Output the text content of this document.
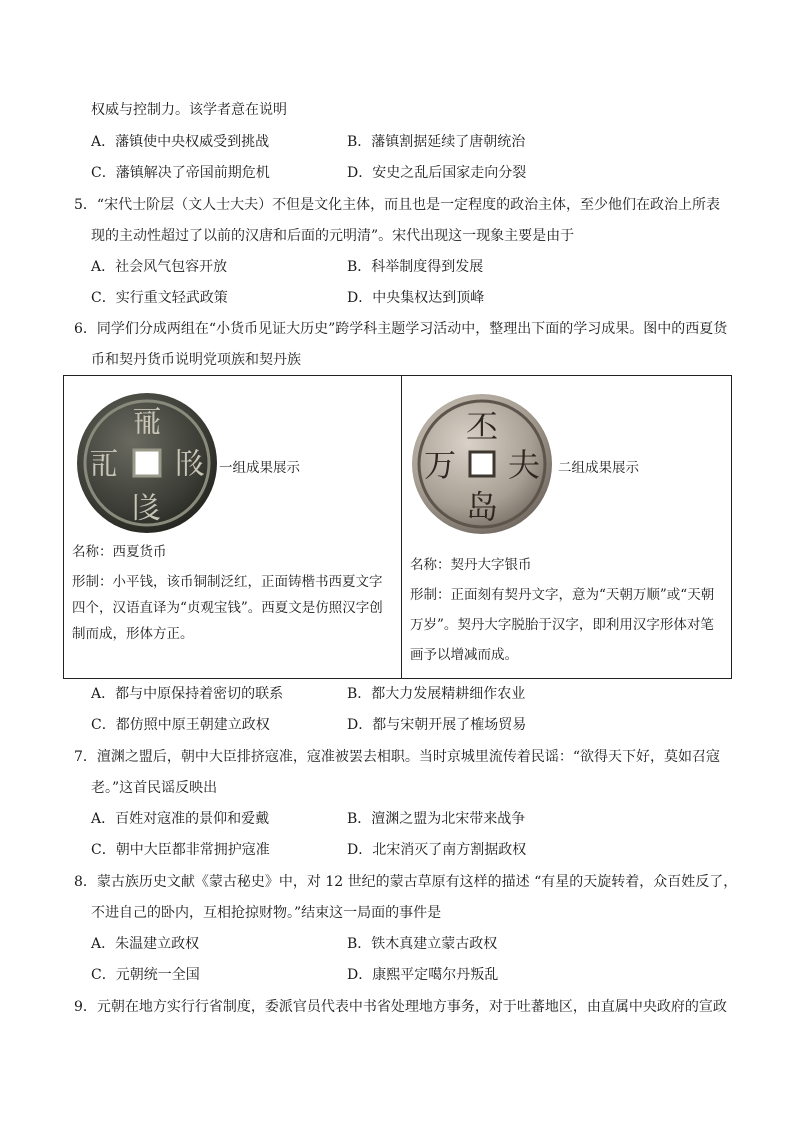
权威与控制力。该学者意在说明
A．藩镇使中央权威受到挑战	B．藩镇割据延续了唐朝统治
C．藩镇解决了帝国前期危机	D．安史之乱后国家走向分裂
5．“宋代士阶层（文人士大夫）不但是文化主体，而且也是一定程度的政治主体，至少他们在政治上所表
现的主动性超过了以前的汉唐和后面的元明清”。宋代出现这一现象主要是由于
A．社会风气包容开放	B．科举制度得到发展
C．实行重文轻武政策	D．中央集权达到顶峰
6．同学们分成两组在“小货币见证大历史”跨学科主题学习活动中，整理出下面的学习成果。图中的西夏货
币和契丹货币说明党项族和契丹族
𗀙
𗁅
𗀀 𗁆 一组成果展示
名称：西夏货币
形制：小平钱，该币铜制泛红，正面铸楷书西夏文字
四个，汉语直译为“贞观宝钱”。西夏文是仿照汉字创
制而成，形体方正。

丕
夫
岛
万	二组成果展示
名称：契丹大字银币
形制：正面刻有契丹文字，意为“天朝万顺”或“天朝
万岁”。契丹大字脱胎于汉字，即利用汉字形体对笔
画予以增减而成。
A．都与中原保持着密切的联系	B．都大力发展精耕细作农业
C．都仿照中原王朝建立政权	D．都与宋朝开展了榷场贸易
7．澶渊之盟后，朝中大臣排挤寇准，寇准被罢去相职。当时京城里流传着民谣：“欲得天下好，莫如召寇
老。”这首民谣反映出
A．百姓对寇准的景仰和爱戴	B．澶渊之盟为北宋带来战争
C．朝中大臣都非常拥护寇准	D．北宋消灭了南方割据政权
8．蒙古族历史文献《蒙古秘史》中，对 12 世纪的蒙古草原有这样的描述 “有星的天旋转着，众百姓反了，
不进自己的卧内，互相抢掠财物。”结束这一局面的事件是
A．朱温建立政权	B．铁木真建立蒙古政权
C．元朝统一全国	D．康熙平定噶尔丹叛乱
9．元朝在地方实行行省制度，委派官员代表中书省处理地方事务，对于吐蕃地区，由直属中央政府的宣政
